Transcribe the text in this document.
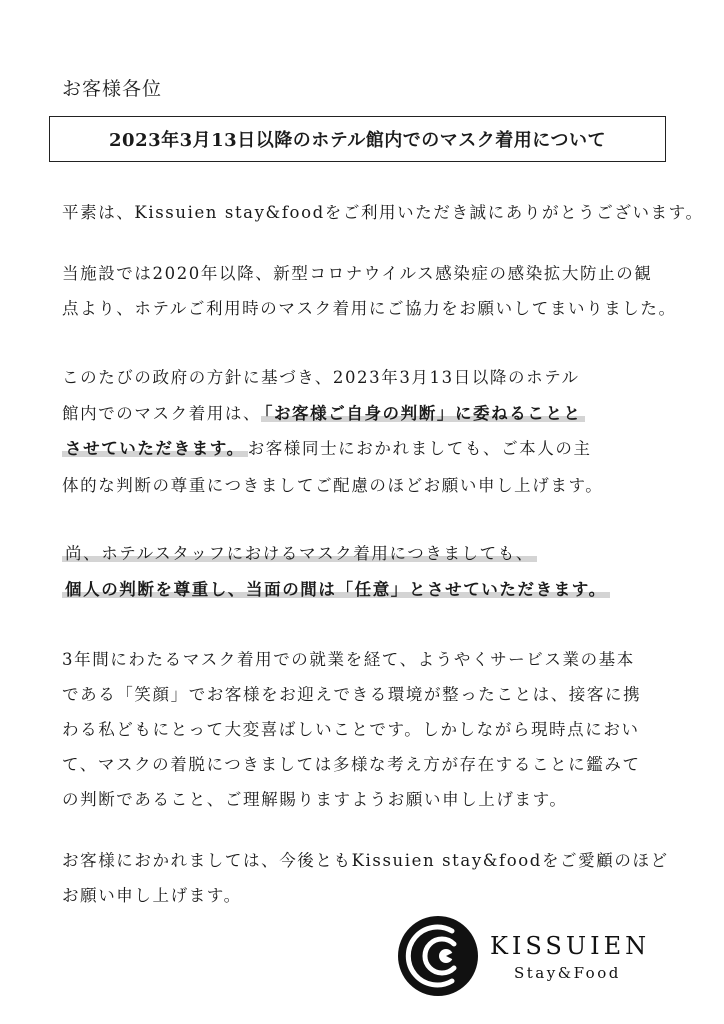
お客様各位
2023年3月13日以降のホテル館内でのマスク着用について
平素は、Kissuien stay&foodをご利用いただき誠にありがとうございます。
当施設では2020年以降、新型コロナウイルス感染症の感染拡大防止の観
点より、ホテルご利用時のマスク着用にご協力をお願いしてまいりました。
このたびの政府の方針に基づき、2023年3月13日以降のホテル
館内でのマスク着用は、 「お客様ご自身の判断」に委ねることと
させていただきます。 お客様同士におかれましても、ご本人の主
体的な判断の尊重につきましてご配慮のほどお願い申し上げます。
尚、ホテルスタッフにおけるマスク着用につきましても、
個人の判断を尊重し、当面の間は「任意」とさせていただきます。
3年間にわたるマスク着用での就業を経て、ようやくサービス業の基本
である「笑顔」でお客様をお迎えできる環境が整ったことは、接客に携
わる私どもにとって大変喜ばしいことです。しかしながら現時点におい
て、マスクの着脱につきましては多様な考え方が存在することに鑑みて
の判断であること、ご理解賜りますようお願い申し上げます。
お客様におかれましては、今後ともKissuien stay&foodをご愛顧のほど
お願い申し上げます。
KISSUIEN
Stay&Food
